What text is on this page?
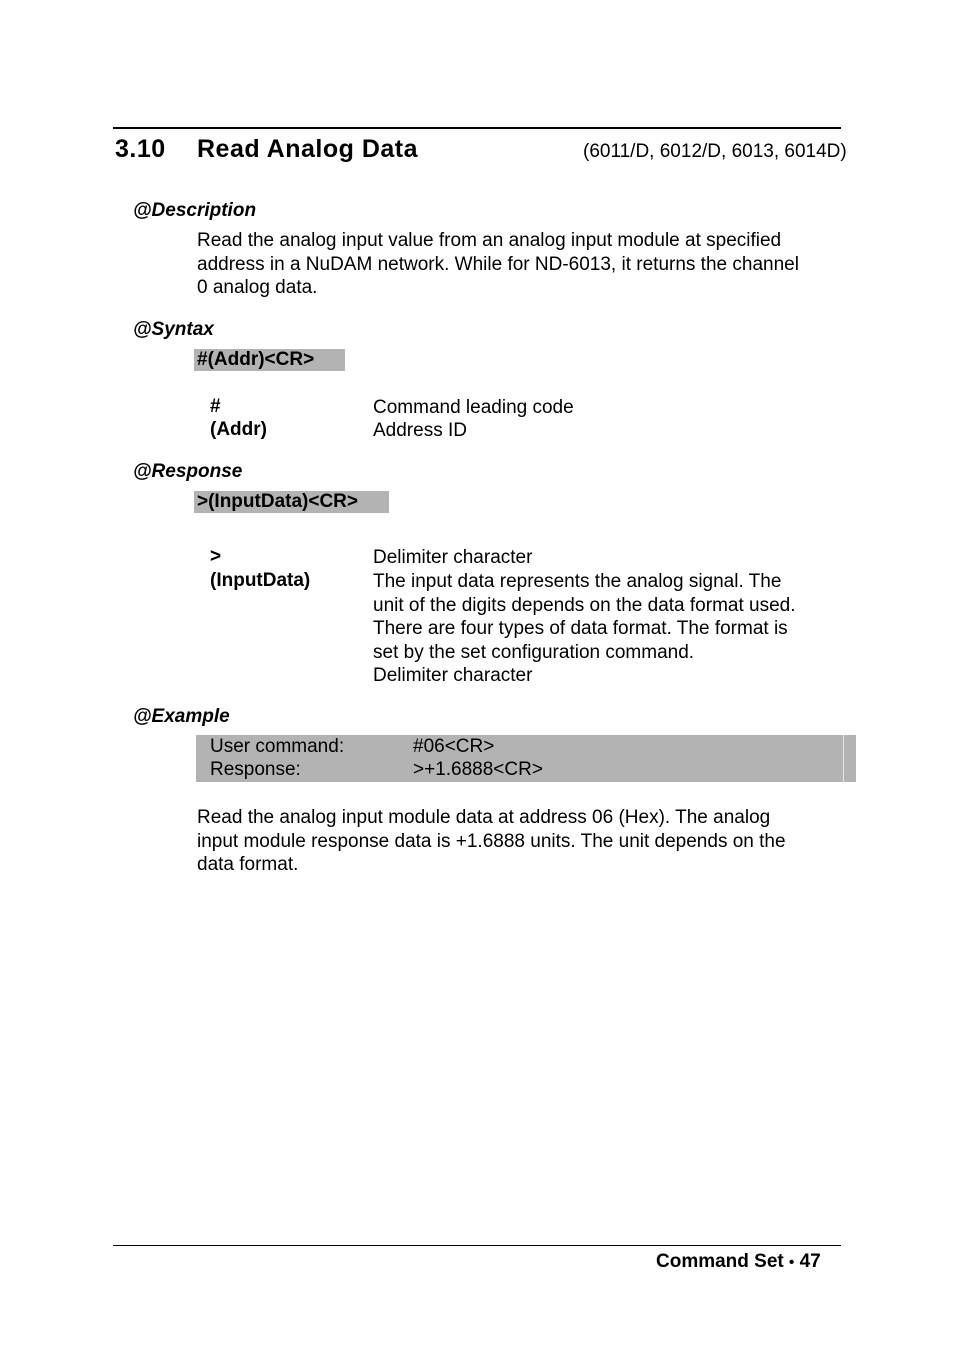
3.10 Read Analog Data	(6011/D, 6012/D, 6013, 6014D)
@Description
Read the analog input value from an analog input module at specified
address in a NuDAM network. While for ND-6013, it returns the channel
0 analog data.
@Syntax
#(Addr)<CR>
#	Command leading code
(Addr)	Address ID
@Response
>(InputData)<CR>
>	Delimiter character
(InputData)	The input data represents the analog signal. The
unit of the digits depends on the data format used.
There are four types of data format. The format is
set by the set configuration command.
Delimiter character
@Example
User command:	#06<CR>
Response:	>+1.6888<CR>
Read the analog input module data at address 06 (Hex). The analog
input module response data is +1.6888 units. The unit depends on the
data format.
Command Set • 47
